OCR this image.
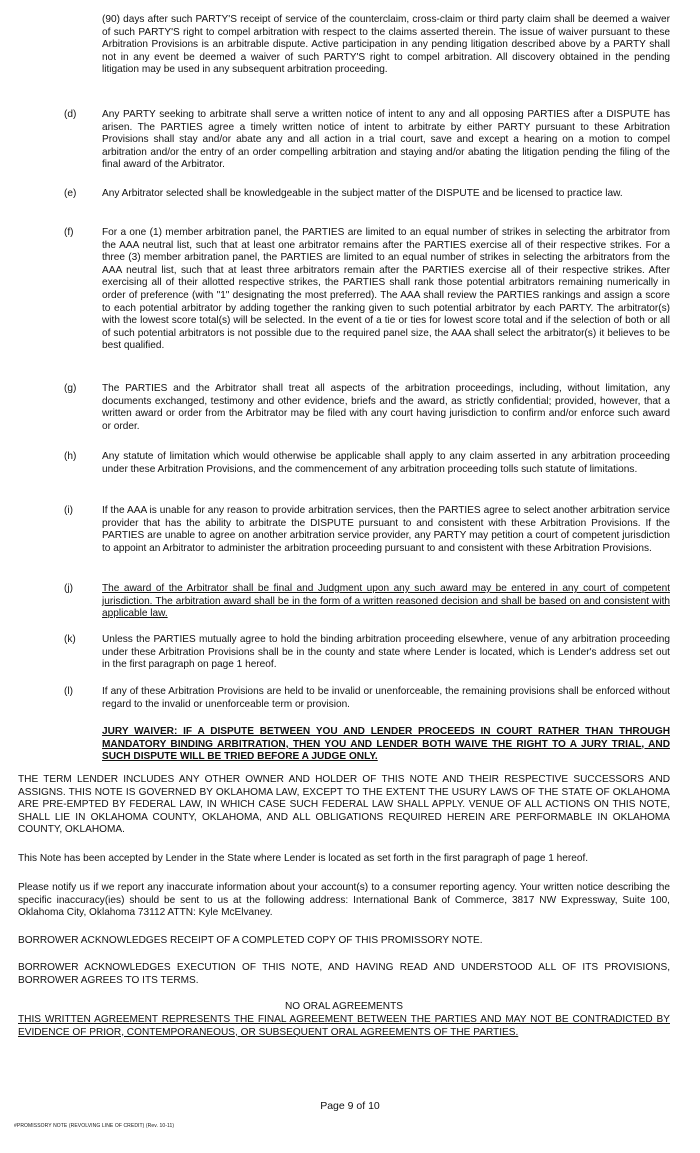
(90) days after such PARTY'S receipt of service of the counterclaim, cross-claim or third party claim shall be deemed a waiver of such PARTY'S right to compel arbitration with respect to the claims asserted therein. The issue of waiver pursuant to these Arbitration Provisions is an arbitrable dispute. Active participation in any pending litigation described above by a PARTY shall not in any event be deemed a waiver of such PARTY'S right to compel arbitration. All discovery obtained in the pending litigation may be used in any subsequent arbitration proceeding.

(d)	Any PARTY seeking to arbitrate shall serve a written notice of intent to any and all opposing PARTIES after a DISPUTE has arisen. The PARTIES agree a timely written notice of intent to arbitrate by either PARTY pursuant to these Arbitration Provisions shall stay and/or abate any and all action in a trial court, save and except a hearing on a motion to compel arbitration and/or the entry of an order compelling arbitration and staying and/or abating the litigation pending the filing of the final award of the Arbitrator.

(e)	Any Arbitrator selected shall be knowledgeable in the subject matter of the DISPUTE and be licensed to practice law.

(f)	For a one (1) member arbitration panel, the PARTIES are limited to an equal number of strikes in selecting the arbitrator from the AAA neutral list, such that at least one arbitrator remains after the PARTIES exercise all of their respective strikes. For a three (3) member arbitration panel, the PARTIES are limited to an equal number of strikes in selecting the arbitrators from the AAA neutral list, such that at least three arbitrators remain after the PARTIES exercise all of their respective strikes. After exercising all of their allotted respective strikes, the PARTIES shall rank those potential arbitrators remaining numerically in order of preference (with "1" designating the most preferred). The AAA shall review the PARTIES rankings and assign a score to each potential arbitrator by adding together the ranking given to such potential arbitrator by each PARTY. The arbitrator(s) with the lowest score total(s) will be selected. In the event of a tie or ties for lowest score total and if the selection of both or all of such potential arbitrators is not possible due to the required panel size, the AAA shall select the arbitrator(s) it believes to be best qualified.

(g)	The PARTIES and the Arbitrator shall treat all aspects of the arbitration proceedings, including, without limitation, any documents exchanged, testimony and other evidence, briefs and the award, as strictly confidential; provided, however, that a written award or order from the Arbitrator may be filed with any court having jurisdiction to confirm and/or enforce such award or order.

(h)	Any statute of limitation which would otherwise be applicable shall apply to any claim asserted in any arbitration proceeding under these Arbitration Provisions, and the commencement of any arbitration proceeding tolls such statute of limitations.

(i)	If the AAA is unable for any reason to provide arbitration services, then the PARTIES agree to select another arbitration service provider that has the ability to arbitrate the DISPUTE pursuant to and consistent with these Arbitration Provisions. If the PARTIES are unable to agree on another arbitration service provider, any PARTY may petition a court of competent jurisdiction to appoint an Arbitrator to administer the arbitration proceeding pursuant to and consistent with these Arbitration Provisions.

(j)	The award of the Arbitrator shall be final and Judgment upon any such award may be entered in any court of competent jurisdiction. The arbitration award shall be in the form of a written reasoned decision and shall be based on and consistent with applicable law.

(k)	Unless the PARTIES mutually agree to hold the binding arbitration proceeding elsewhere, venue of any arbitration proceeding under these Arbitration Provisions shall be in the county and state where Lender is located, which is Lender's address set out in the first paragraph on page 1 hereof.

(l)	If any of these Arbitration Provisions are held to be invalid or unenforceable, the remaining provisions shall be enforced without regard to the invalid or unenforceable term or provision.

JURY WAIVER: IF A DISPUTE BETWEEN YOU AND LENDER PROCEEDS IN COURT RATHER THAN THROUGH MANDATORY BINDING ARBITRATION, THEN YOU AND LENDER BOTH WAIVE THE RIGHT TO A JURY TRIAL, AND SUCH DISPUTE WILL BE TRIED BEFORE A JUDGE ONLY.

THE TERM LENDER INCLUDES ANY OTHER OWNER AND HOLDER OF THIS NOTE AND THEIR RESPECTIVE SUCCESSORS AND ASSIGNS. THIS NOTE IS GOVERNED BY OKLAHOMA LAW, EXCEPT TO THE EXTENT THE USURY LAWS OF THE STATE OF OKLAHOMA ARE PRE-EMPTED BY FEDERAL LAW, IN WHICH CASE SUCH FEDERAL LAW SHALL APPLY. VENUE OF ALL ACTIONS ON THIS NOTE, SHALL LIE IN OKLAHOMA COUNTY, OKLAHOMA, AND ALL OBLIGATIONS REQUIRED HEREIN ARE PERFORMABLE IN OKLAHOMA COUNTY, OKLAHOMA.

This Note has been accepted by Lender in the State where Lender is located as set forth in the first paragraph of page 1 hereof.

Please notify us if we report any inaccurate information about your account(s) to a consumer reporting agency. Your written notice describing the specific inaccuracy(ies) should be sent to us at the following address: International Bank of Commerce, 3817 NW Expressway, Suite 100, Oklahoma City, Oklahoma 73112 ATTN: Kyle McElvaney.

BORROWER ACKNOWLEDGES RECEIPT OF A COMPLETED COPY OF THIS PROMISSORY NOTE.

BORROWER ACKNOWLEDGES EXECUTION OF THIS NOTE, AND HAVING READ AND UNDERSTOOD ALL OF ITS PROVISIONS, BORROWER AGREES TO ITS TERMS.

NO ORAL AGREEMENTS

THIS WRITTEN AGREEMENT REPRESENTS THE FINAL AGREEMENT BETWEEN THE PARTIES AND MAY NOT BE CONTRADICTED BY EVIDENCE OF PRIOR, CONTEMPORANEOUS, OR SUBSEQUENT ORAL AGREEMENTS OF THE PARTIES.

Page 9 of 10
#PROMISSORY NOTE (REVOLVING LINE OF CREDIT) (Rev. 10-11)
